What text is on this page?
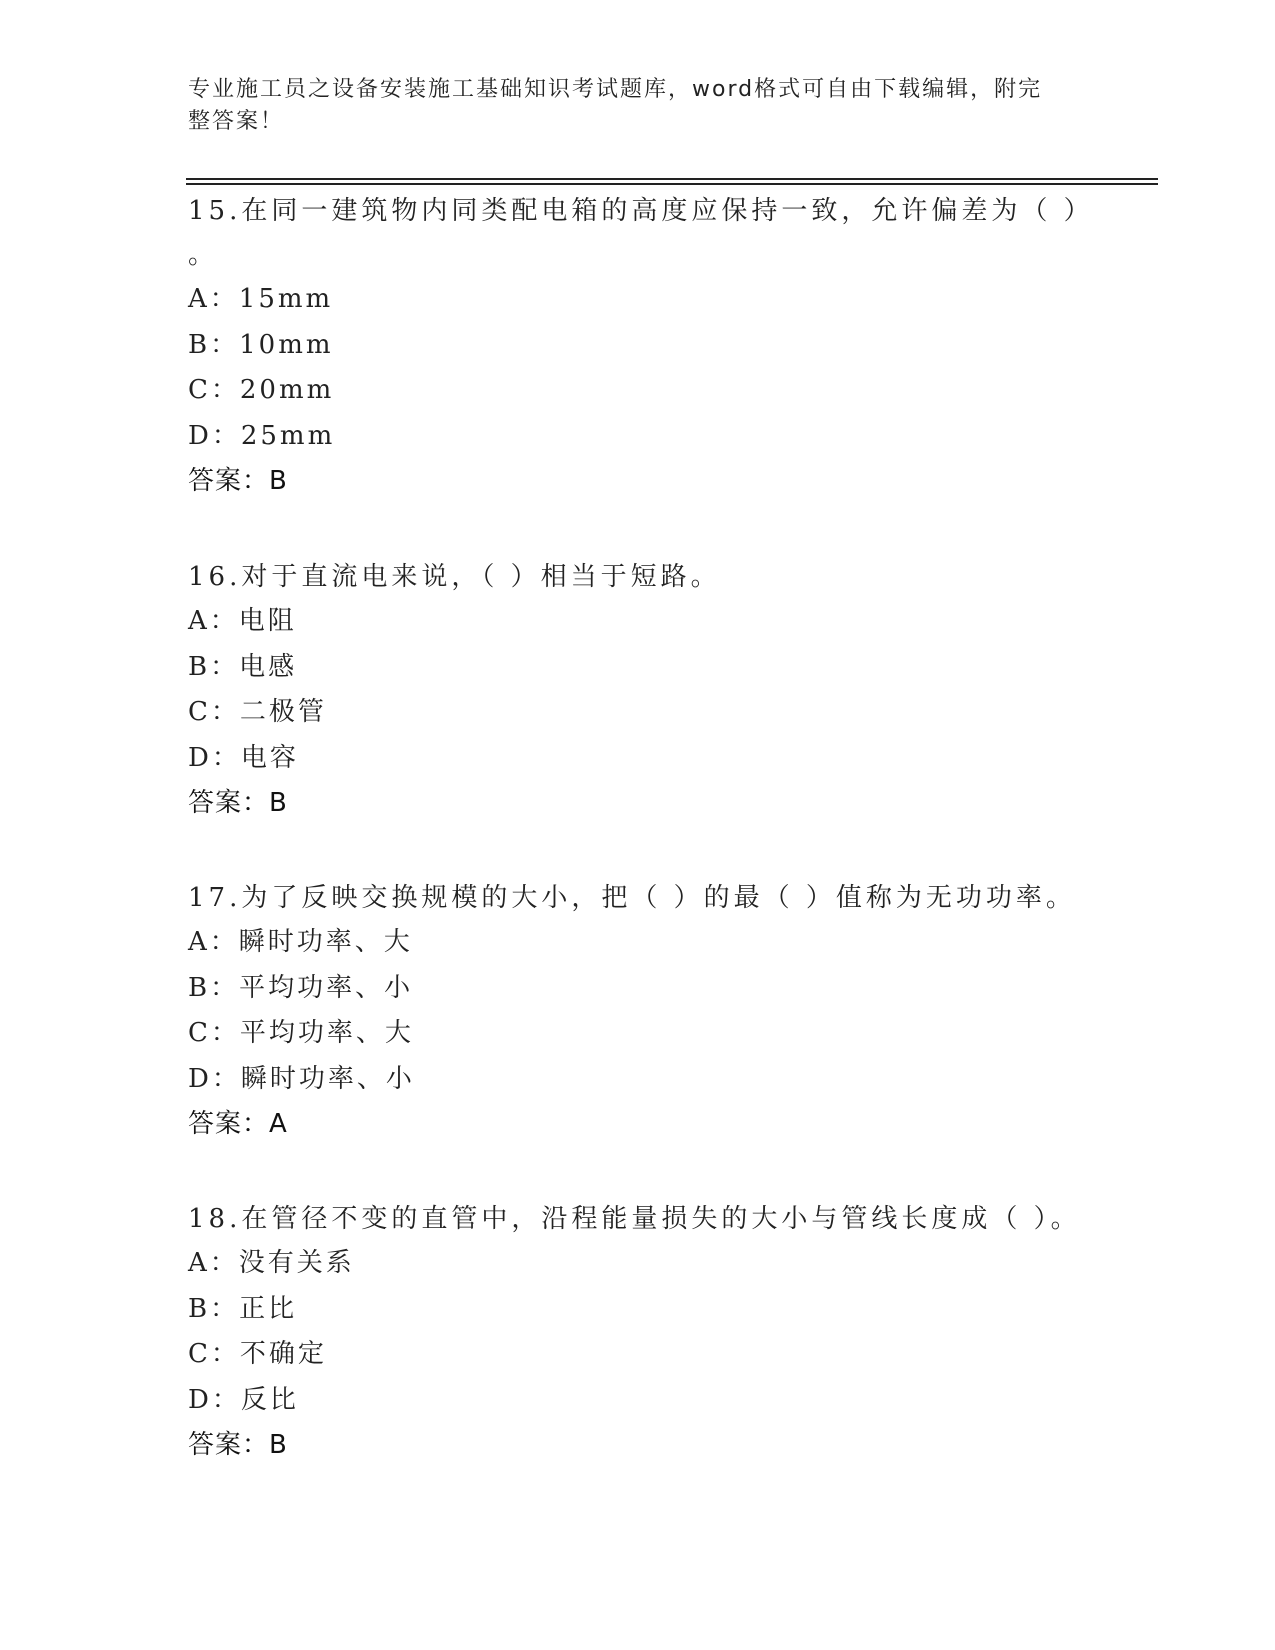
专业施工员之设备安装施工基础知识考试题库，word格式可自由下载编辑，附完
整答案！
15.在同一建筑物内同类配电箱的高度应保持一致，允许偏差为（ ）
。
A：15mm
B：10mm
C：20mm
D：25mm
答案：B
16.对于直流电来说，（ ）相当于短路。
A：电阻
B：电感
C：二极管
D：电容
答案：B
17.为了反映交换规模的大小，把（ ）的最（ ）值称为无功功率。
A：瞬时功率、大
B：平均功率、小
C：平均功率、大
D：瞬时功率、小
答案：A
18.在管径不变的直管中，沿程能量损失的大小与管线长度成（ ）。
A：没有关系
B：正比
C：不确定
D：反比
答案：B
